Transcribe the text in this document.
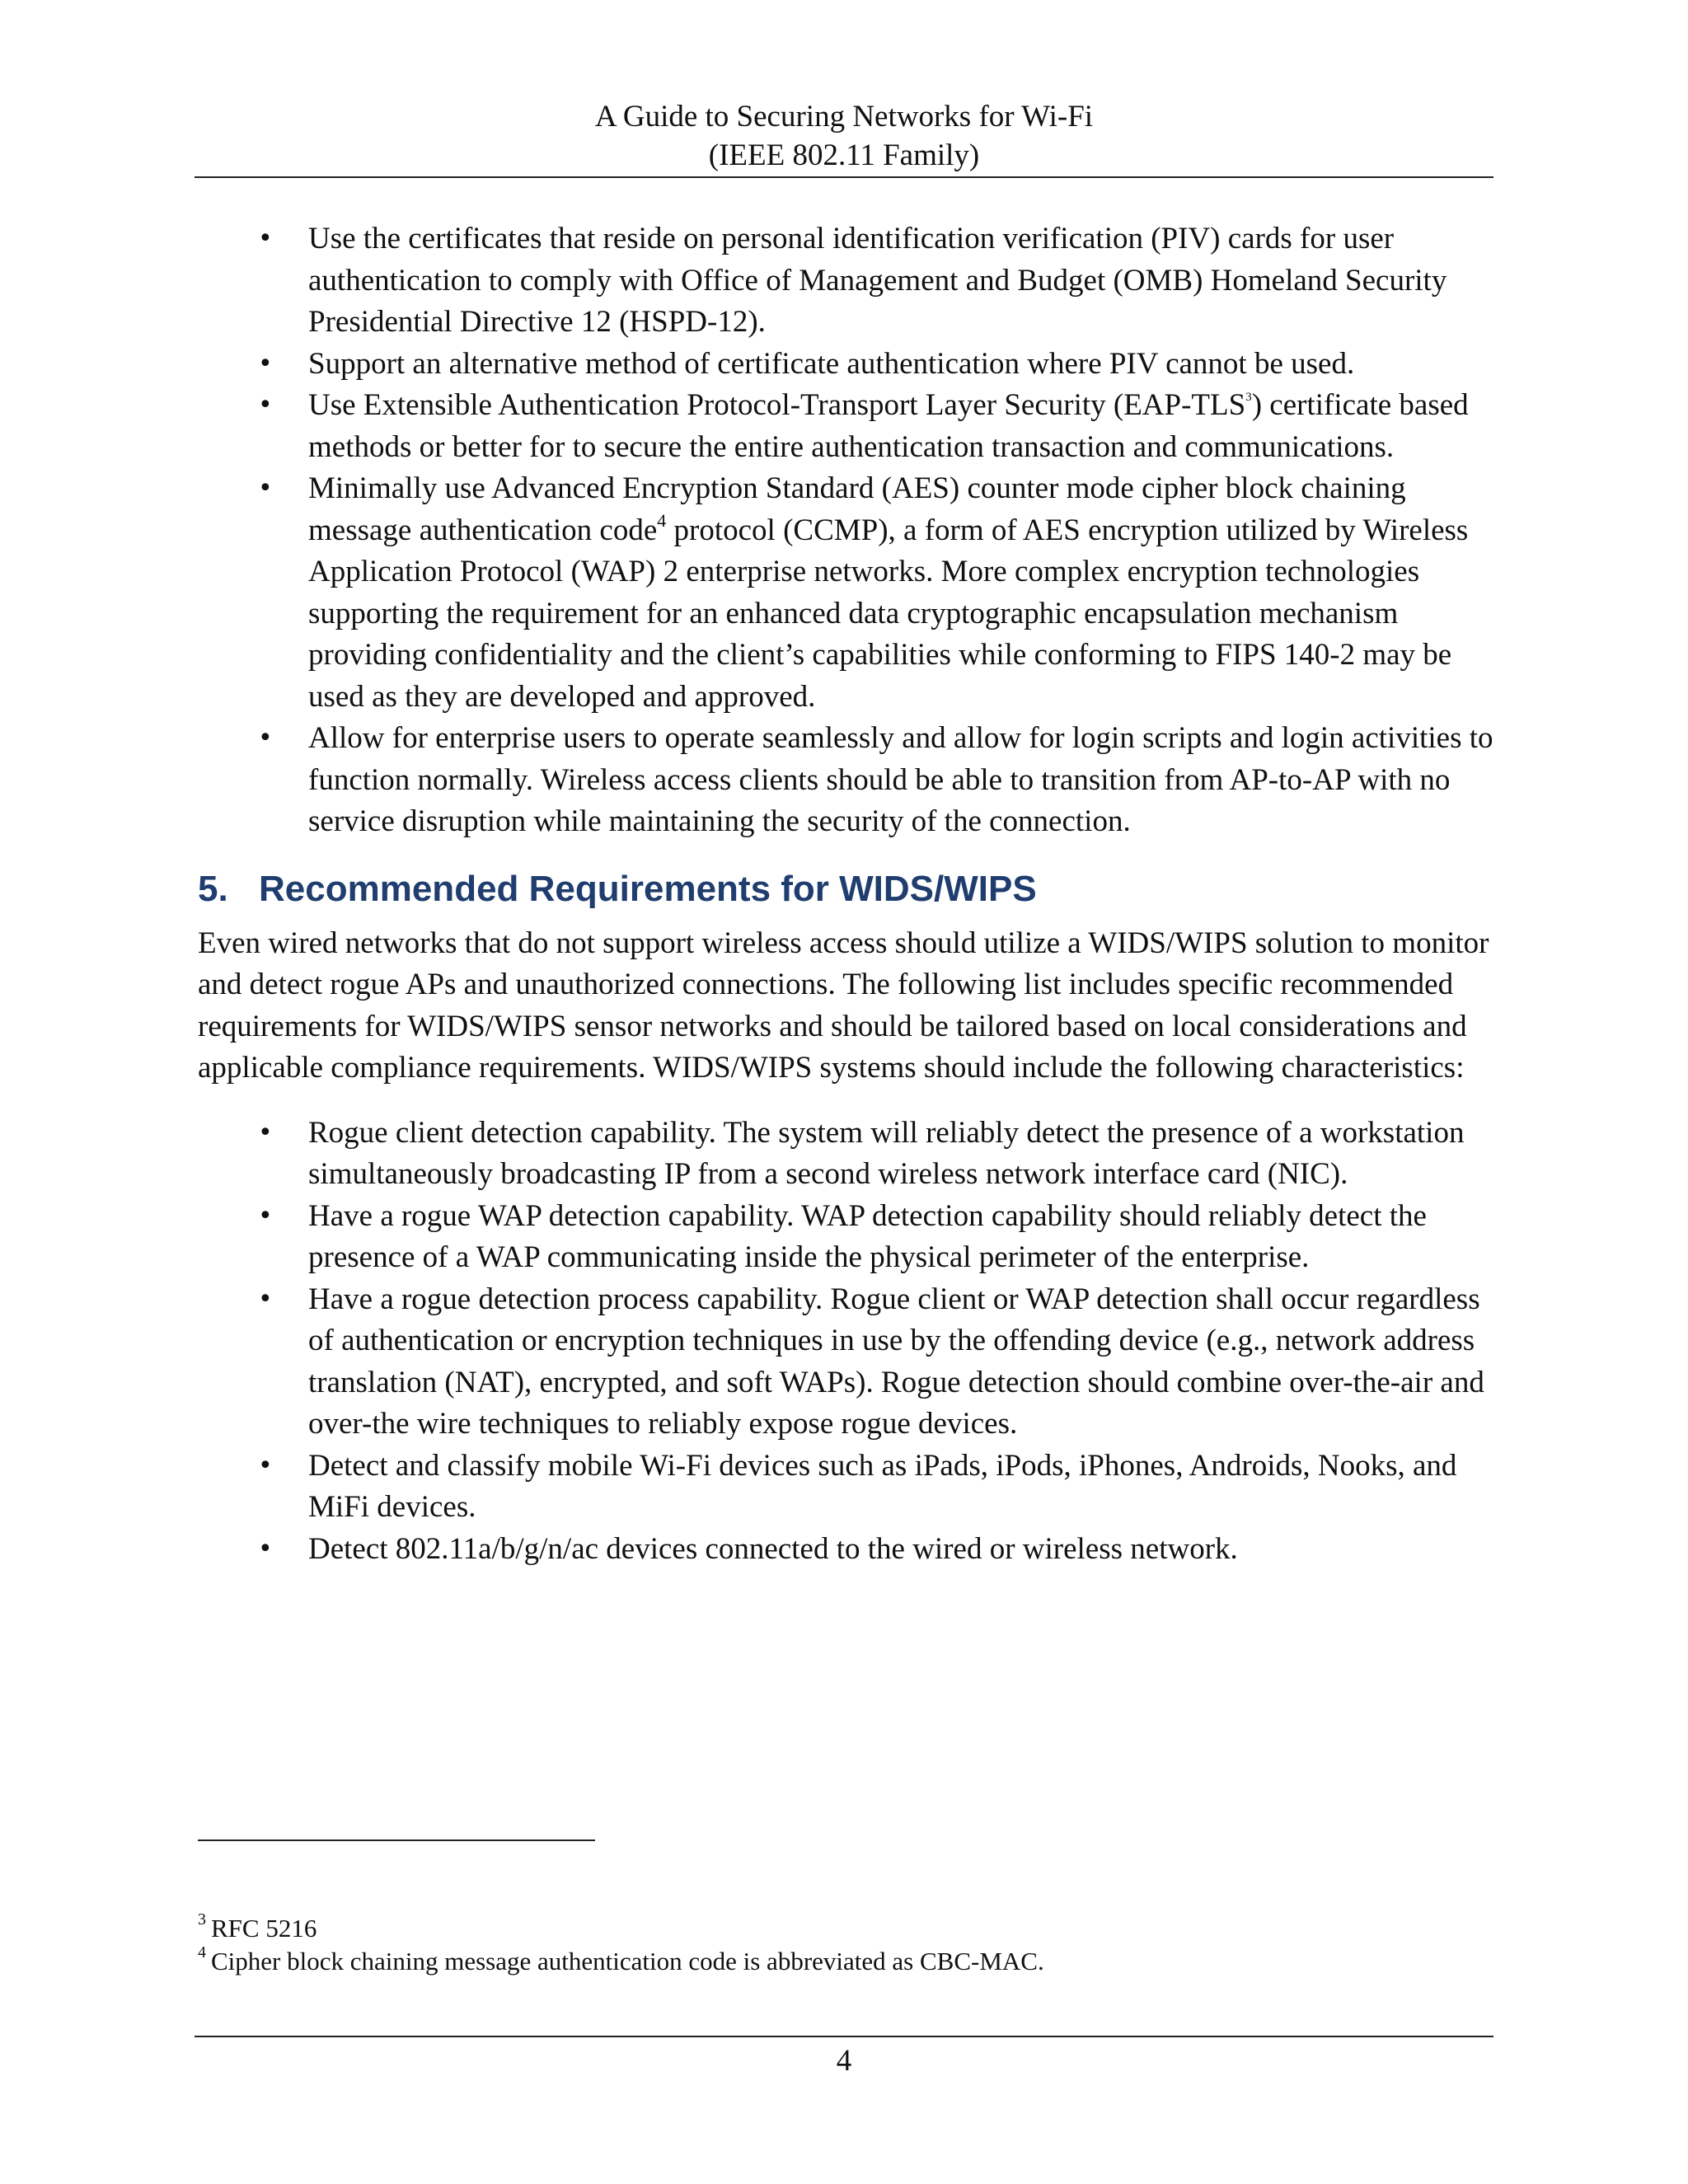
A Guide to Securing Networks for Wi-Fi
(IEEE 802.11 Family)
• Use the certificates that reside on personal identification verification (PIV) cards for user authentication to comply with Office of Management and Budget (OMB) Homeland Security Presidential Directive 12 (HSPD-12).
• Support an alternative method of certificate authentication where PIV cannot be used.
• Use Extensible Authentication Protocol-Transport Layer Security (EAP-TLS$^3$) certificate based methods or better for to secure the entire authentication transaction and communications.
• Minimally use Advanced Encryption Standard (AES) counter mode cipher block chaining message authentication code$^4$ protocol (CCMP), a form of AES encryption utilized by Wireless Application Protocol (WAP) 2 enterprise networks. More complex encryption technologies supporting the requirement for an enhanced data cryptographic encapsulation mechanism providing confidentiality and the client’s capabilities while conforming to FIPS 140-2 may be used as they are developed and approved.
• Allow for enterprise users to operate seamlessly and allow for login scripts and login activities to function normally. Wireless access clients should be able to transition from AP-to-AP with no service disruption while maintaining the security of the connection.
5. Recommended Requirements for WIDS/WIPS

Even wired networks that do not support wireless access should utilize a WIDS/WIPS solution to monitor and detect rogue APs and unauthorized connections. The following list includes specific recommended requirements for WIDS/WIPS sensor networks and should be tailored based on local considerations and applicable compliance requirements. WIDS/WIPS systems should include the following characteristics:

• Rogue client detection capability. The system will reliably detect the presence of a workstation simultaneously broadcasting IP from a second wireless network interface card (NIC).
• Have a rogue WAP detection capability. WAP detection capability should reliably detect the presence of a WAP communicating inside the physical perimeter of the enterprise.
• Have a rogue detection process capability. Rogue client or WAP detection shall occur regardless of authentication or encryption techniques in use by the offending device (e.g., network address translation (NAT), encrypted, and soft WAPs). Rogue detection should combine over-the-air and over-the wire techniques to reliably expose rogue devices.
• Detect and classify mobile Wi-Fi devices such as iPads, iPods, iPhones, Androids, Nooks, and MiFi devices.
• Detect 802.11a/b/g/n/ac devices connected to the wired or wireless network.
$^3$ RFC 5216
$^4$ Cipher block chaining message authentication code is abbreviated as CBC-MAC.
4
